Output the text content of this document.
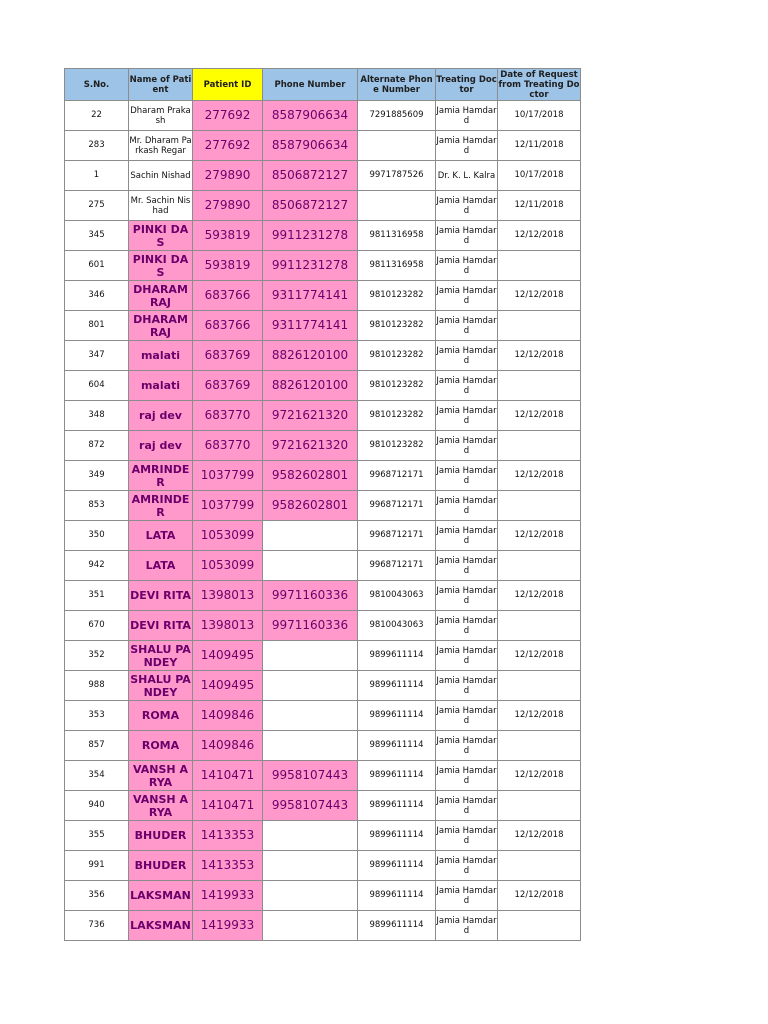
S.No.	Name of Patient	Patient ID	Phone Number	Alternate Phone Number	Treating Doctor	Date of Request from Treating Doctor
22	Dharam Prakash	277692	8587906634	7291885609	Jamia Hamdard	10/17/2018
283	Mr. Dharam Parkash Regar	277692	8587906634		Jamia Hamdard	12/11/2018
1	Sachin Nishad	279890	8506872127	9971787526	Dr. K. L. Kalra	10/17/2018
275	Mr. Sachin Nishad	279890	8506872127		Jamia Hamdard	12/11/2018
345	PINKI DAS	593819	9911231278	9811316958	Jamia Hamdard	12/12/2018
601	PINKI DAS	593819	9911231278	9811316958	Jamia Hamdard	
346	DHARAM RAJ	683766	9311774141	9810123282	Jamia Hamdard	12/12/2018
801	DHARAM RAJ	683766	9311774141	9810123282	Jamia Hamdard	
347	malati	683769	8826120100	9810123282	Jamia Hamdard	12/12/2018
604	malati	683769	8826120100	9810123282	Jamia Hamdard	
348	raj dev	683770	9721621320	9810123282	Jamia Hamdard	12/12/2018
872	raj dev	683770	9721621320	9810123282	Jamia Hamdard	
349	AMRINDER	1037799	9582602801	9968712171	Jamia Hamdard	12/12/2018
853	AMRINDER	1037799	9582602801	9968712171	Jamia Hamdard	
350	LATA	1053099		9968712171	Jamia Hamdard	12/12/2018
942	LATA	1053099		9968712171	Jamia Hamdard	
351	DEVI RITA	1398013	9971160336	9810043063	Jamia Hamdard	12/12/2018
670	DEVI RITA	1398013	9971160336	9810043063	Jamia Hamdard	
352	SHALU PANDEY	1409495		9899611114	Jamia Hamdard	12/12/2018
988	SHALU PANDEY	1409495		9899611114	Jamia Hamdard	
353	ROMA	1409846		9899611114	Jamia Hamdard	12/12/2018
857	ROMA	1409846		9899611114	Jamia Hamdard	
354	VANSH ARYA	1410471	9958107443	9899611114	Jamia Hamdard	12/12/2018
940	VANSH ARYA	1410471	9958107443	9899611114	Jamia Hamdard	
355	BHUDER	1413353		9899611114	Jamia Hamdard	12/12/2018
991	BHUDER	1413353		9899611114	Jamia Hamdard	
356	LAKSMAN	1419933		9899611114	Jamia Hamdard	12/12/2018
736	LAKSMAN	1419933		9899611114	Jamia Hamdard	
